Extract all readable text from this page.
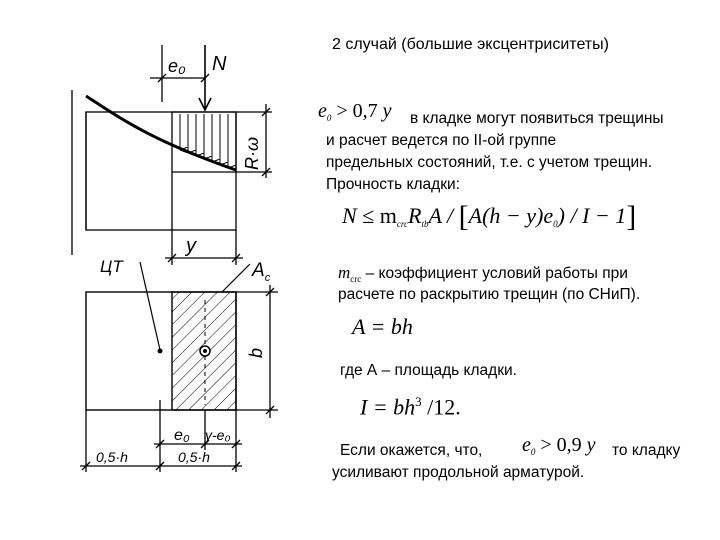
e₀ N
R·ω
y
ЦТ	$A_c$
b
e₀ y-e₀
0,5·h	0,5·h
2 случай (большие эксцентриситеты)
$e_0 > 0,7$ y в кладке могут появиться трещины
и расчет ведется по II-ой группе
предельных состояний, т.е. с учетом трещин.
Прочность кладки:
$N \le m_{crc}R_{tb}A / [A(h - y)e_0) / I - 1$]
$m_{crc}$ – коэффициент условий работы при
расчете по раскрытию трещин (по СНиП).
A = bh
где А – площадь кладки.
$I = bh^3$ /12.
Если окажется, что, $e_0 > 0,9$ y то кладку
усиливают продольной арматурой.
